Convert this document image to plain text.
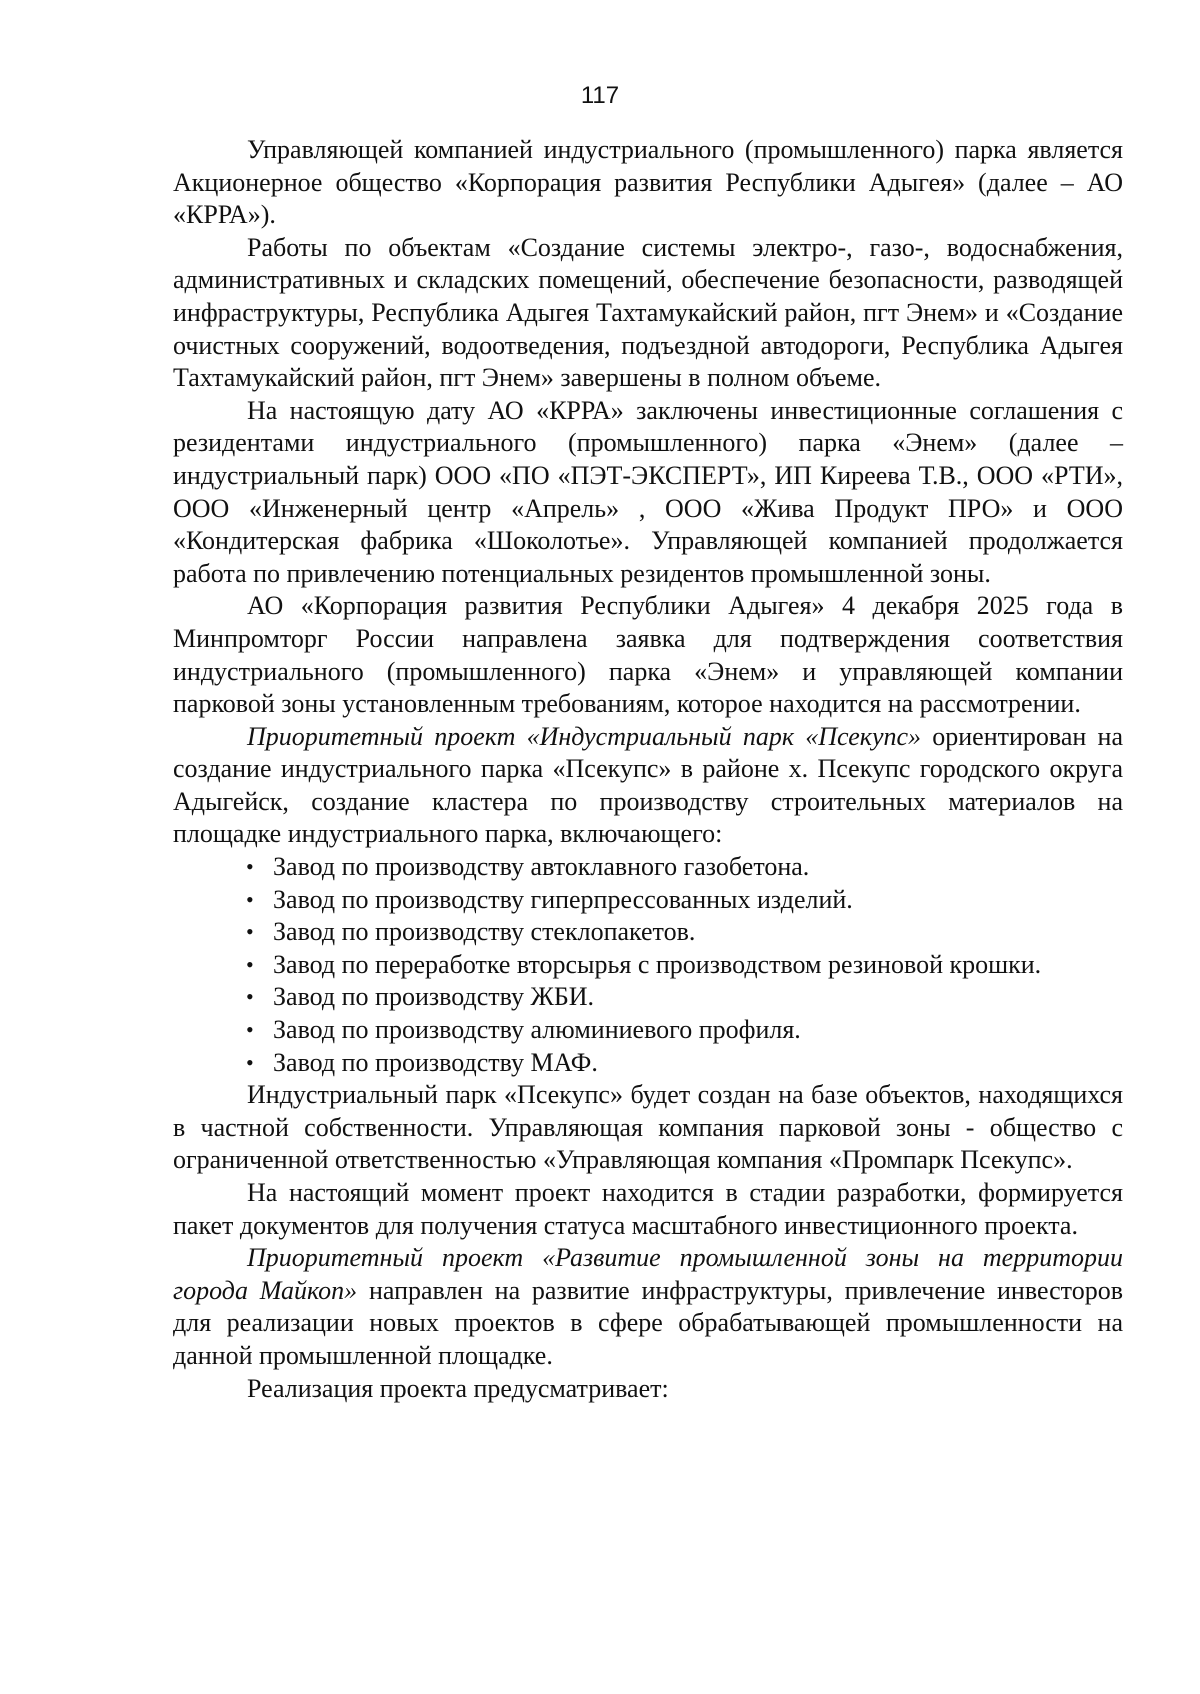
117

Управляющей компанией индустриального (промышленного) парка является Акционерное общество «Корпорация развития Республики Адыгея» (далее – АО «КРРА»).

Работы по объектам «Создание системы электро-, газо-, водоснабжения, административных и складских помещений, обеспечение безопасности, разводящей инфраструктуры, Республика Адыгея Тахтамукайский район, пгт Энем» и «Создание очистных сооружений, водоотведения, подъездной автодороги, Республика Адыгея Тахтамукайский район, пгт Энем» завершены в полном объеме.

На настоящую дату АО «КРРА» заключены инвестиционные соглашения с резидентами индустриального (промышленного) парка «Энем» (далее – индустриальный парк) ООО «ПО «ПЭТ-ЭКСПЕРТ», ИП Киреева Т.В., ООО «РТИ», ООО «Инженерный центр «Апрель» , ООО «Жива Продукт ПРО» и ООО «Кондитерская фабрика «Шоколотье». Управляющей компанией продолжается работа по привлечению потенциальных резидентов промышленной зоны.

АО «Корпорация развития Республики Адыгея» 4 декабря 2025 года в Минпромторг России направлена заявка для подтверждения соответствия индустриального (промышленного) парка «Энем» и управляющей компании парковой зоны установленным требованиям, которое находится на рассмотрении.

Приоритетный проект «Индустриальный парк «Псекупс» ориентирован на создание индустриального парка «Псекупс» в районе х. Псекупс городского округа Адыгейск, создание кластера по производству строительных материалов на площадке индустриального парка, включающего:

• Завод по производству автоклавного газобетона.
• Завод по производству гиперпрессованных изделий.
• Завод по производству стеклопакетов.
• Завод по переработке вторсырья с производством резиновой крошки.
• Завод по производству ЖБИ.
• Завод по производству алюминиевого профиля.
• Завод по производству МАФ.

Индустриальный парк «Псекупс» будет создан на базе объектов, находящихся в частной собственности. Управляющая компания парковой зоны - общество с ограниченной ответственностью «Управляющая компания «Промпарк Псекупс».

На настоящий момент проект находится в стадии разработки, формируется пакет документов для получения статуса масштабного инвестиционного проекта.

Приоритетный проект «Развитие промышленной зоны на территории города Майкоп» направлен на развитие инфраструктуры, привлечение инвесторов для реализации новых проектов в сфере обрабатывающей промышленности на данной промышленной площадке.

Реализация проекта предусматривает:
